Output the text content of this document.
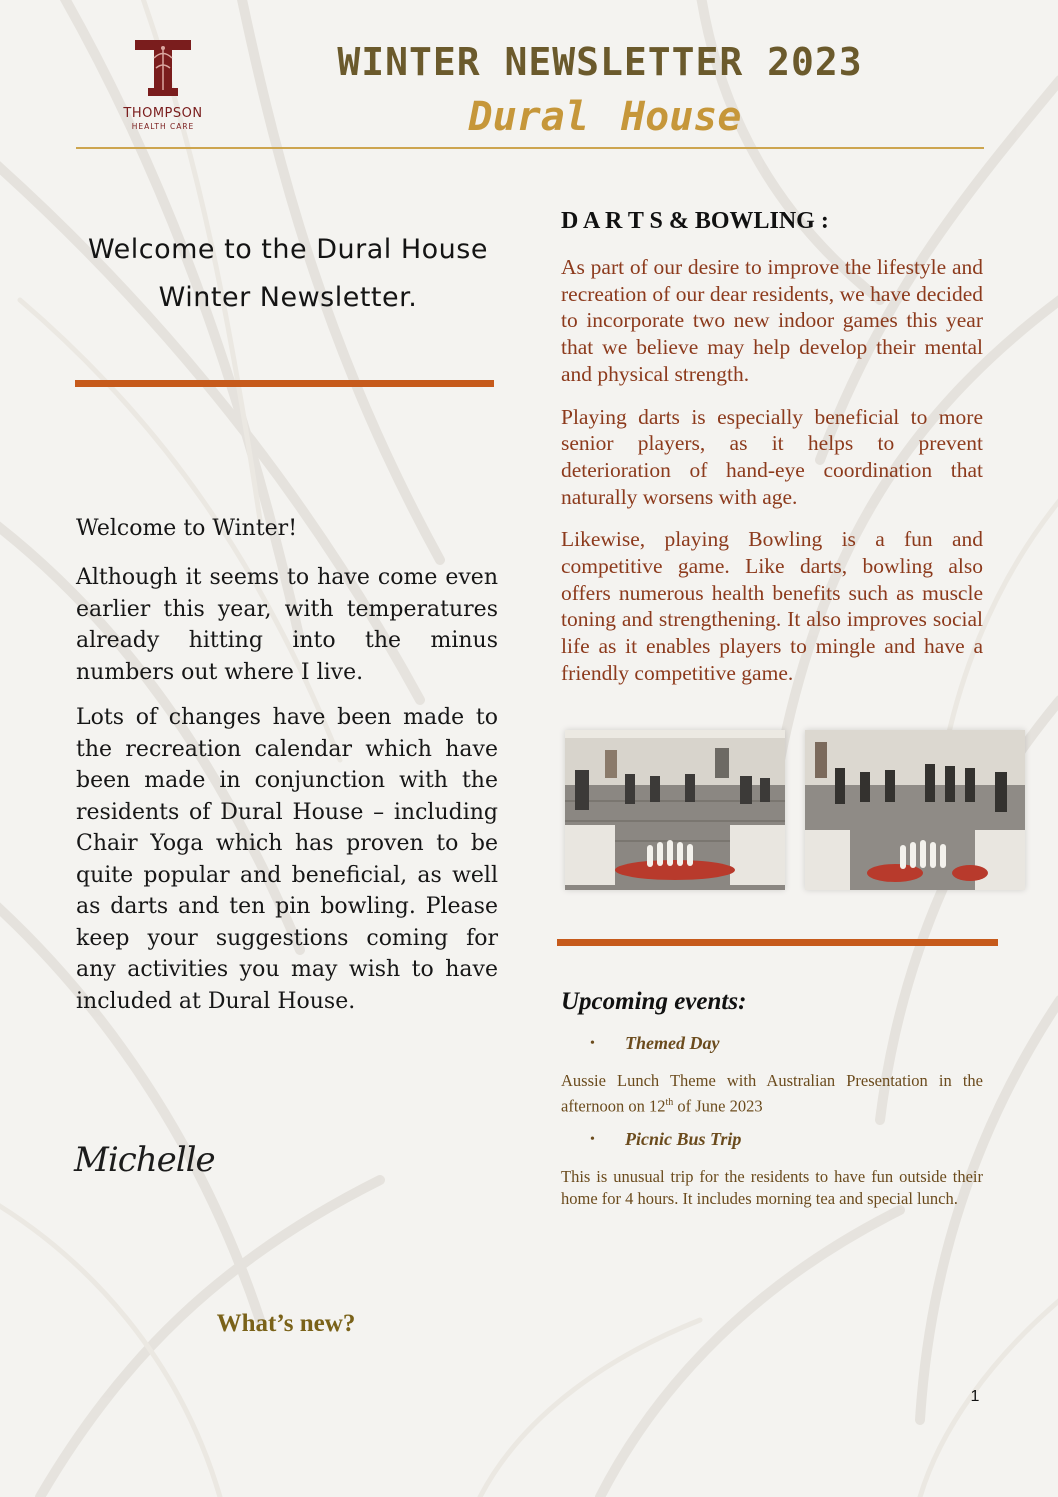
THOMPSON
HEALTH CARE
WINTER NEWSLETTER 2023
Dural House
Welcome to the Dural House
Winter Newsletter.
Welcome to Winter!

Although it seems to have come even earlier this year, with temperatures already hitting into the minus numbers out where I live.

Lots of changes have been made to the recreation calendar which have been made in conjunction with the residents of Dural House – including Chair Yoga which has proven to be quite popular and beneficial, as well as darts and ten pin bowling. Please keep your suggestions coming for any activities you may wish to have included at Dural House.

Michelle
What’s new?
D A R T S & BOWLING :

As part of our desire to improve the lifestyle and recreation of our dear residents, we have decided to incorporate two new indoor games this year that we believe may help develop their mental and physical strength.

Playing darts is especially beneficial to more senior players, as it helps to prevent deterioration of hand-eye coordination that naturally worsens with age.

Likewise, playing Bowling is a fun and competitive game. Like darts, bowling also offers numerous health benefits such as muscle toning and strengthening. It also improves social life as it enables players to mingle and have a friendly competitive game.

Upcoming events:
• Themed Day
Aussie Lunch Theme with Australian Presentation in the afternoon on 12th of June 2023
• Picnic Bus Trip
This is unusual trip for the residents to have fun outside their home for 4 hours. It includes morning tea and special lunch.
1
